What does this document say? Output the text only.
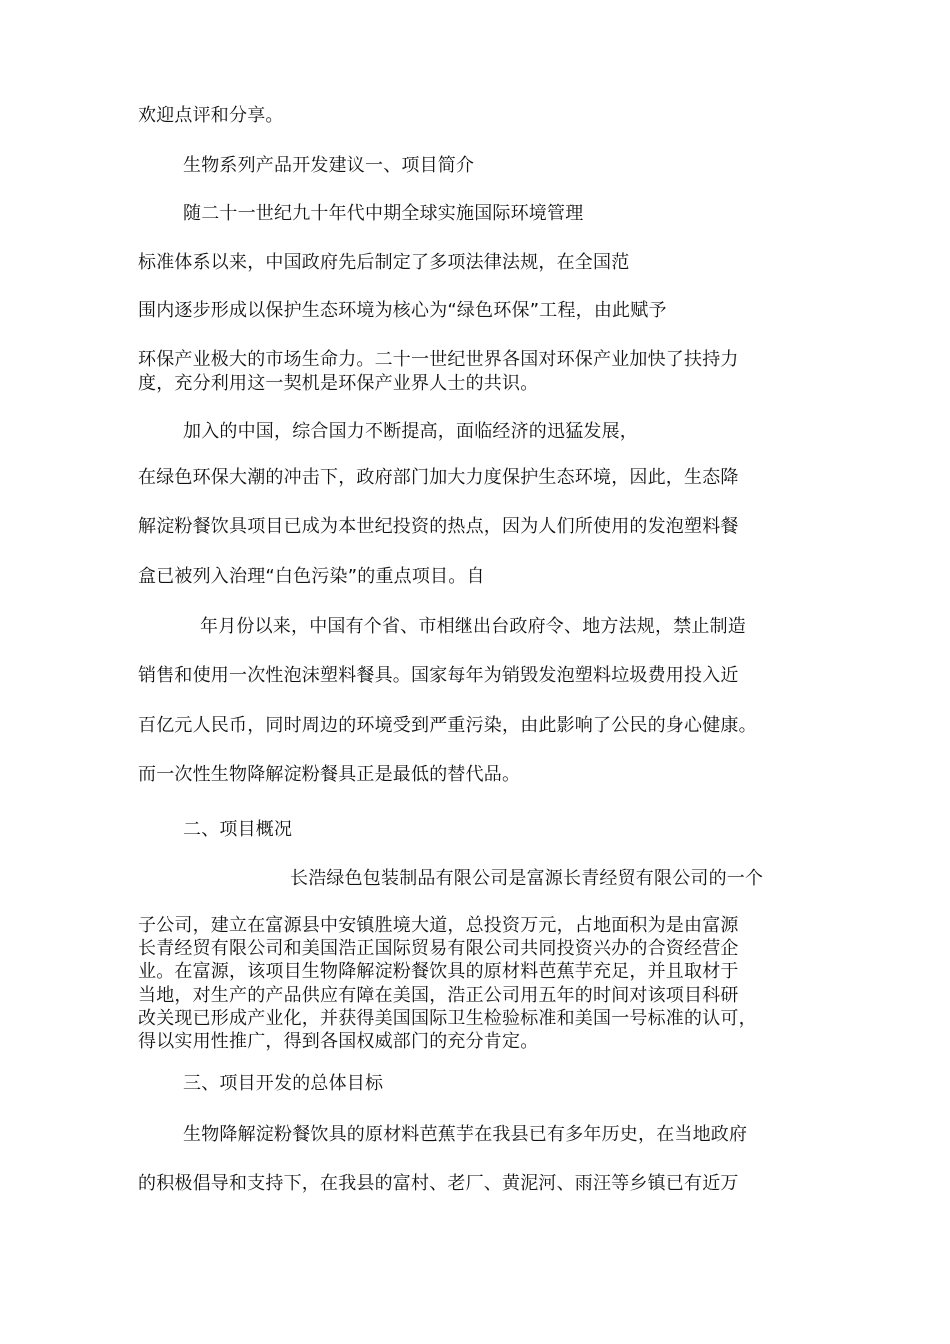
欢迎点评和分享。
生物系列产品开发建议一、项目简介
随二十一世纪九十年代中期全球实施国际环境管理
标准体系以来，中国政府先后制定了多项法律法规，在全国范
围内逐步形成以保护生态环境为核心为“绿色环保”工程，由此赋予
环保产业极大的市场生命力。二十一世纪世界各国对环保产业加快了扶持力
度，充分利用这一契机是环保产业界人士的共识。
加入的中国，综合国力不断提高，面临经济的迅猛发展，
在绿色环保大潮的冲击下，政府部门加大力度保护生态环境，因此，生态降
解淀粉餐饮具项目已成为本世纪投资的热点，因为人们所使用的发泡塑料餐
盒已被列入治理“白色污染”的重点项目。自
年月份以来，中国有个省、市相继出台政府令、地方法规，禁止制造
销售和使用一次性泡沫塑料餐具。国家每年为销毁发泡塑料垃圾费用投入近
百亿元人民币，同时周边的环境受到严重污染，由此影响了公民的身心健康。
而一次性生物降解淀粉餐具正是最低的替代品。
二、项目概况
长浩绿色包装制品有限公司是富源长青经贸有限公司的一个
子公司，建立在富源县中安镇胜境大道，总投资万元，占地面积为是由富源
长青经贸有限公司和美国浩正国际贸易有限公司共同投资兴办的合资经营企
业。在富源，该项目生物降解淀粉餐饮具的原材料芭蕉芋充足，并且取材于
当地，对生产的产品供应有障在美国，浩正公司用五年的时间对该项目科研
改关现已形成产业化，并获得美国国际卫生检验标准和美国一号标准的认可，
得以实用性推广，得到各国权威部门的充分肯定。
三、项目开发的总体目标
生物降解淀粉餐饮具的原材料芭蕉芋在我县已有多年历史，在当地政府
的积极倡导和支持下，在我县的富村、老厂、黄泥河、雨汪等乡镇已有近万
